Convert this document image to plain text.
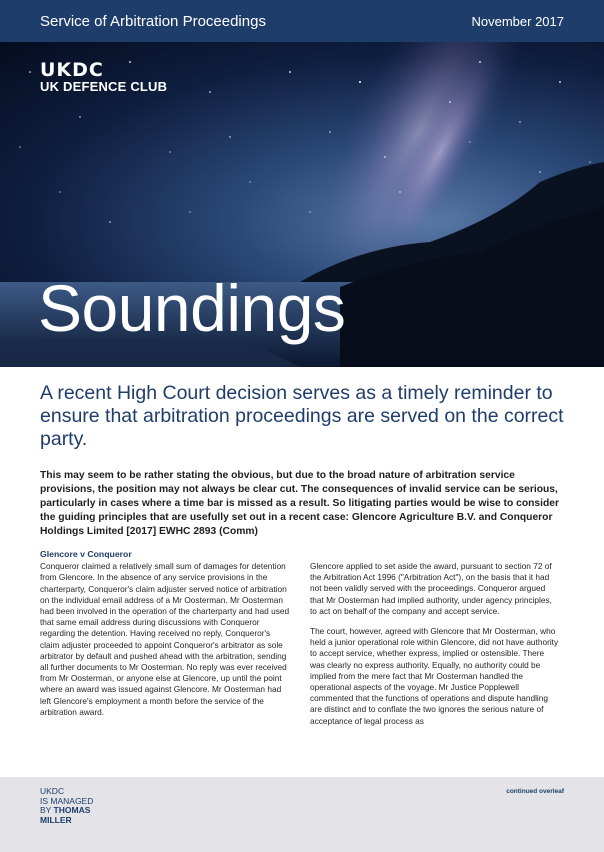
Service of Arbitration Proceedings	November 2017
UKDC
UK DEFENCE CLUB
Soundings
A recent High Court decision serves as a timely reminder to ensure that arbitration proceedings are served on the correct party.
This may seem to be rather stating the obvious, but due to the broad nature of arbitration service provisions, the position may not always be clear cut. The consequences of invalid service can be serious, particularly in cases where a time bar is missed as a result. So litigating parties would be wise to consider the guiding principles that are usefully set out in a recent case: Glencore Agriculture B.V. and Conqueror Holdings Limited [2017] EWHC 2893 (Comm)
Glencore v Conqueror

Conqueror claimed a relatively small sum of damages for detention from Glencore. In the absence of any service provisions in the charterparty, Conqueror's claim adjuster served notice of arbitration on the individual email address of a Mr Oosterman. Mr Oosterman had been involved in the operation of the charterparty and had used that same email address during discussions with Conqueror regarding the detention. Having received no reply, Conqueror's claim adjuster proceeded to appoint Conqueror's arbitrator as sole arbitrator by default and pushed ahead with the arbitration, sending all further documents to Mr Oosterman. No reply was ever received from Mr Oosterman, or anyone else at Glencore, up until the point where an award was issued against Glencore. Mr Oosterman had left Glencore's employment a month before the service of the arbitration award.

Glencore applied to set aside the award, pursuant to section 72 of the Arbitration Act 1996 ("Arbitration Act"), on the basis that it had not been validly served with the proceedings. Conqueror argued that Mr Oosterman had implied authority, under agency principles, to act on behalf of the company and accept service.

The court, however, agreed with Glencore that Mr Oosterman, who held a junior operational role within Glencore, did not have authority to accept service, whether express, implied or ostensible. There was clearly no express authority. Equally, no authority could be implied from the mere fact that Mr Oosterman handled the operational aspects of the voyage. Mr Justice Popplewell commented that the functions of operations and dispute handling are distinct and to conflate the two ignores the serious nature of acceptance of legal process as

UKDC
IS MANAGED
BY THOMAS
MILLER
continued overleaf
